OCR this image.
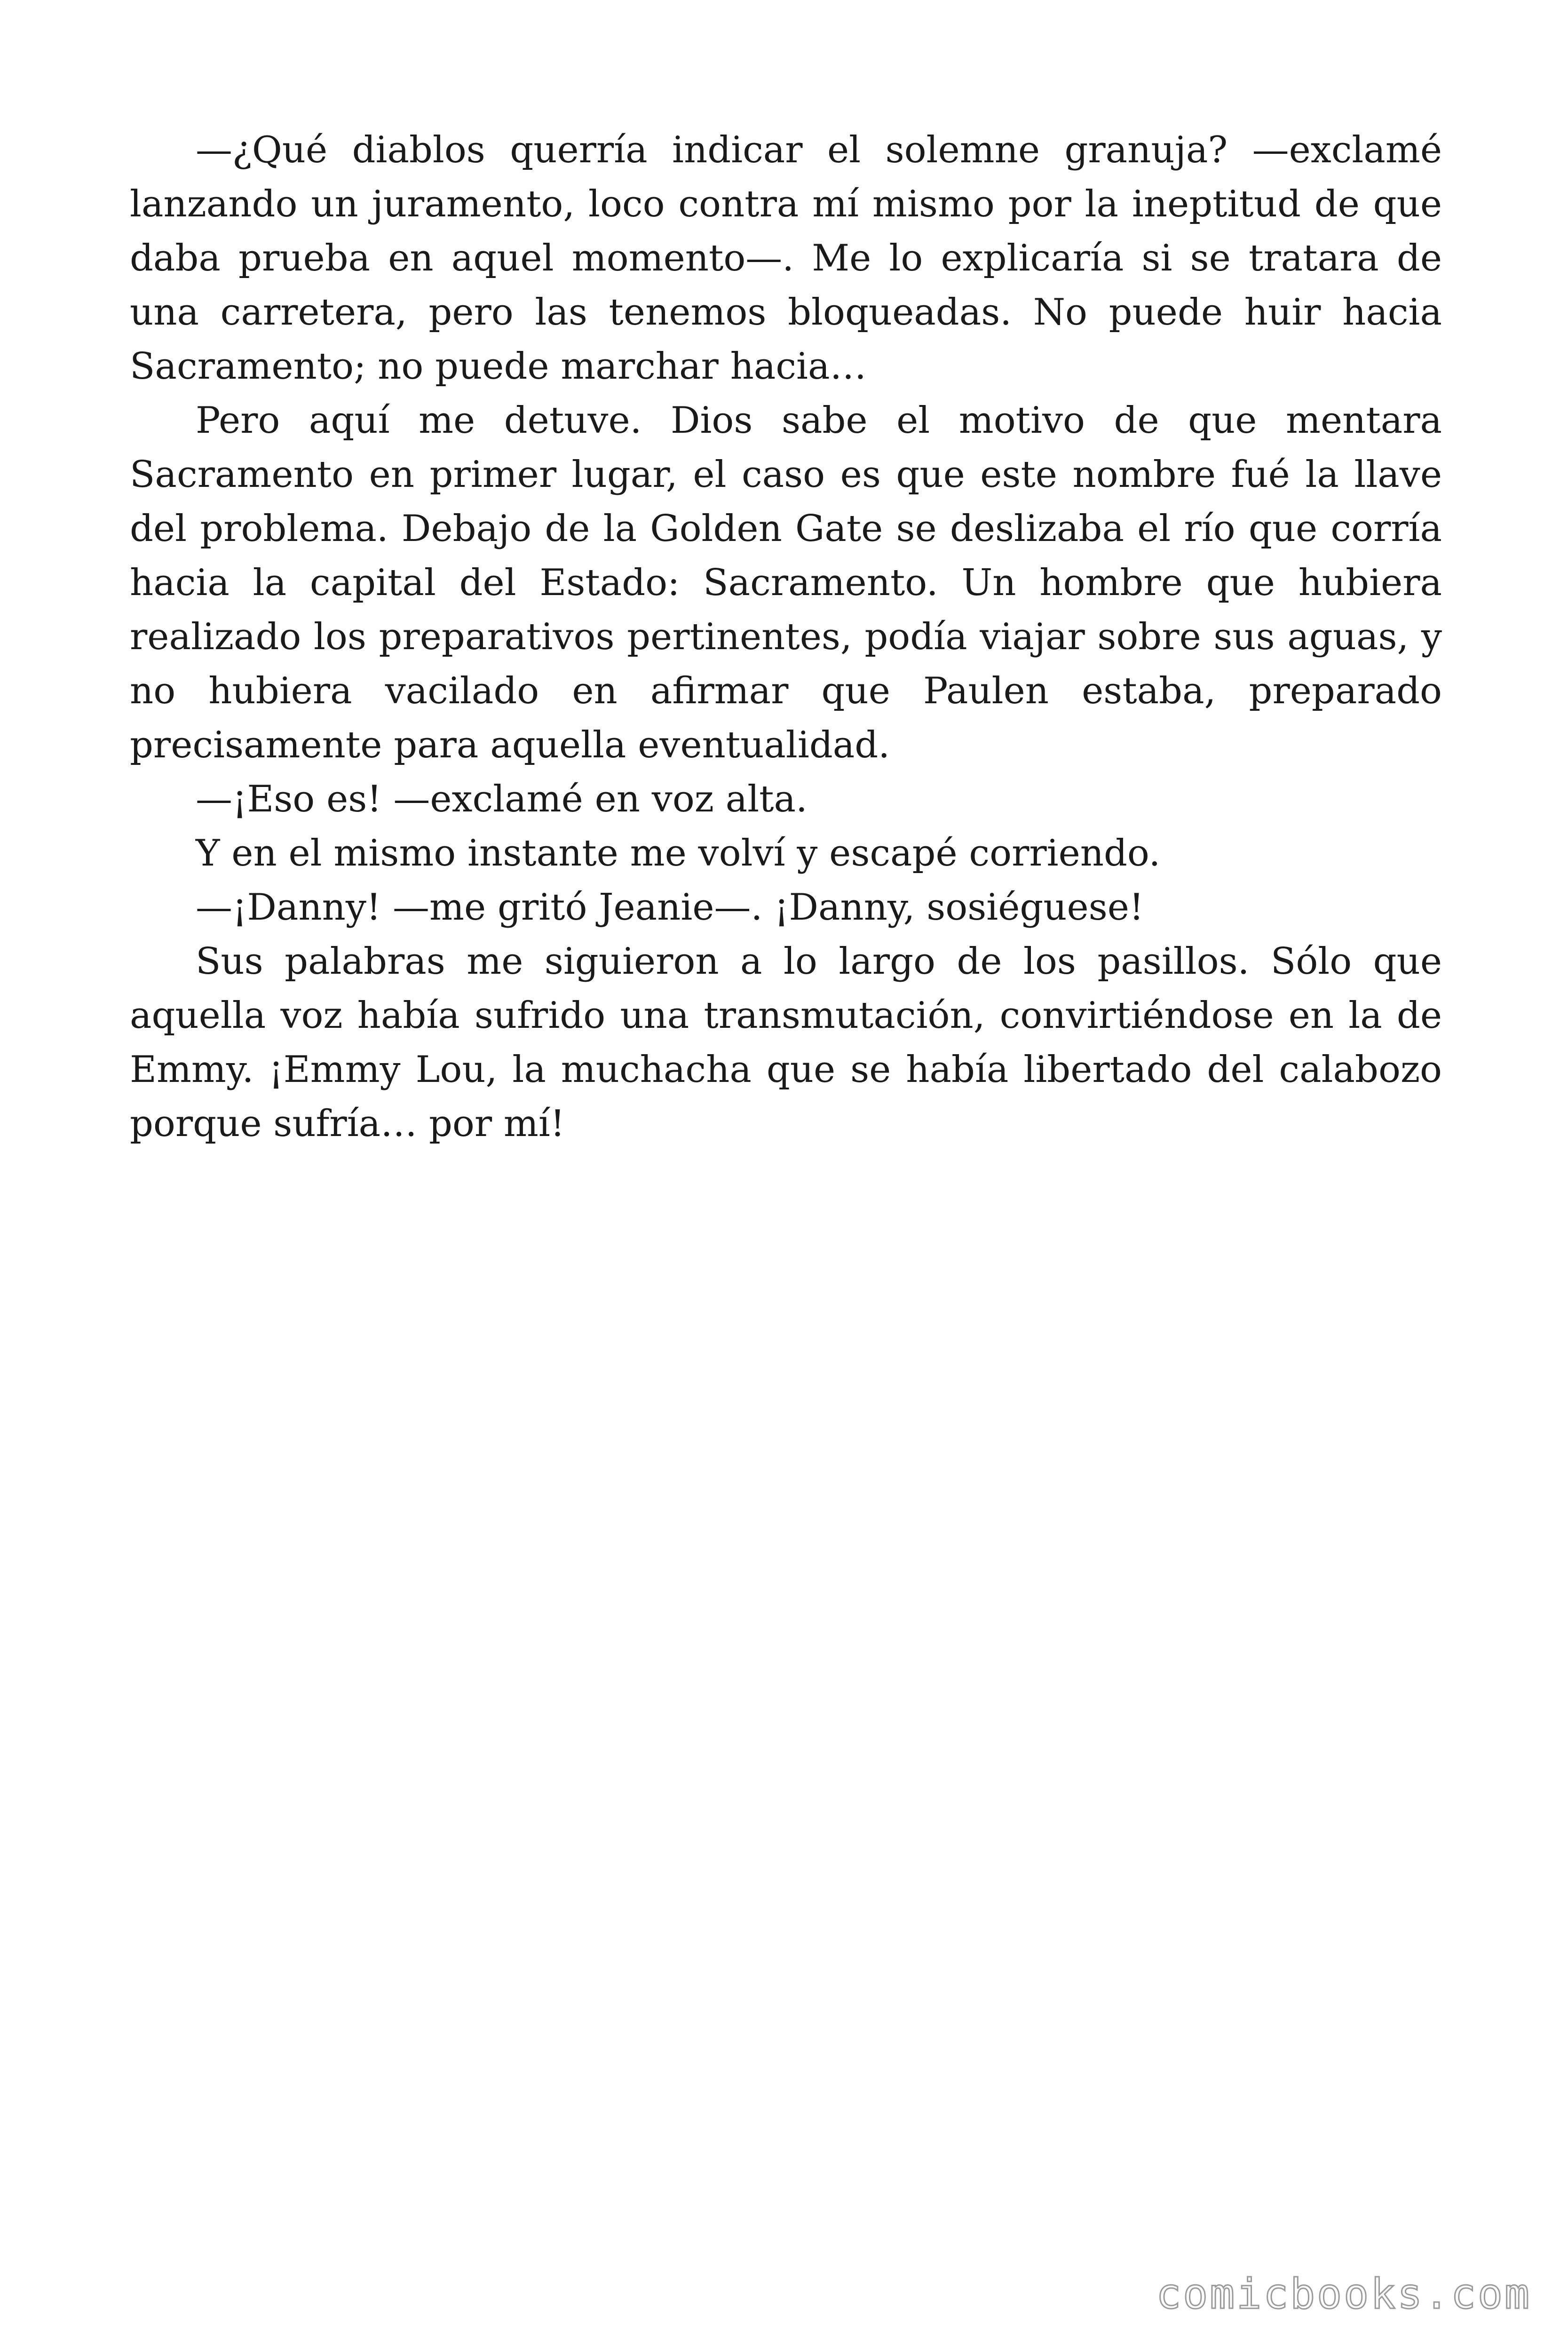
—¿Qué diablos querría indicar el solemne granuja? —exclamé lanzando un juramento, loco contra mí mismo por la ineptitud de que daba prueba en aquel momento—. Me lo explicaría si se tratara de una carretera, pero las tenemos bloqueadas. No puede huir hacia Sacramento; no puede marchar hacia…

Pero aquí me detuve. Dios sabe el motivo de que mentara Sacramento en primer lugar, el caso es que este nombre fué la llave del problema. Debajo de la Golden Gate se deslizaba el río que corría hacia la capital del Estado: Sacramento. Un hombre que hubiera realizado los preparativos pertinentes, podía viajar sobre sus aguas, y no hubiera vacilado en afirmar que Paulen estaba, preparado precisamente para aquella eventualidad.

—¡Eso es! —exclamé en voz alta.

Y en el mismo instante me volví y escapé corriendo.

—¡Danny! —me gritó Jeanie—. ¡Danny, sosiéguese!

Sus palabras me siguieron a lo largo de los pasillos. Sólo que aquella voz había sufrido una transmutación, convirtiéndose en la de Emmy. ¡Emmy Lou, la muchacha que se había libertado del calabozo porque sufría… por mí!

comicbooks.com
